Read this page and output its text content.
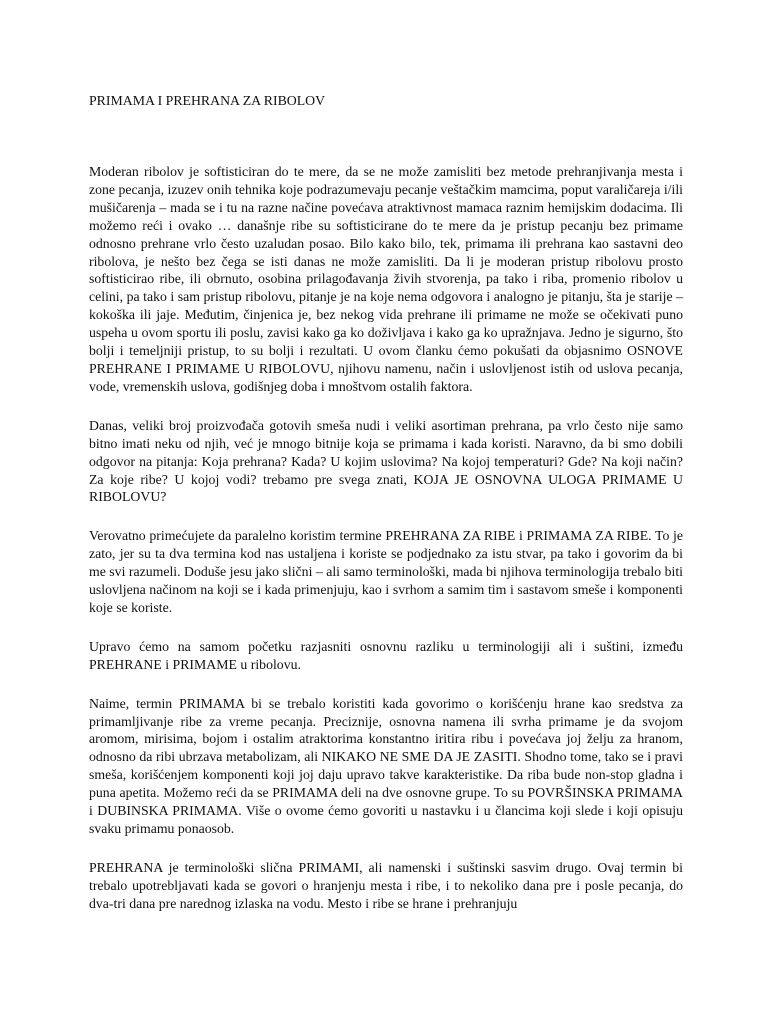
PRIMAMA I PREHRANA ZA RIBOLOV

Moderan ribolov je softisticiran do te mere, da se ne može zamisliti bez metode prehranjivanja mesta i zone pecanja, izuzev onih tehnika koje podrazumevaju pecanje veštačkim mamcima, poput varaličareja i/ili mušičarenja – mada se i tu na razne načine povećava atraktivnost mamaca raznim hemijskim dodacima. Ili možemo reći i ovako … današnje ribe su softisticirane do te mere da je pristup pecanju bez primame odnosno prehrane vrlo često uzaludan posao. Bilo kako bilo, tek, primama ili prehrana kao sastavni deo ribolova, je nešto bez čega se isti danas ne može zamisliti. Da li je moderan pristup ribolovu prosto softisticirao ribe, ili obrnuto, osobina prilagođavanja živih stvorenja, pa tako i riba, promenio ribolov u celini, pa tako i sam pristup ribolovu, pitanje je na koje nema odgovora i analogno je pitanju, šta je starije – kokoška ili jaje. Međutim, činjenica je, bez nekog vida prehrane ili primame ne može se očekivati puno uspeha u ovom sportu ili poslu, zavisi kako ga ko doživljava i kako ga ko upražnjava. Jedno je sigurno, što bolji i temeljniji pristup, to su bolji i rezultati. U ovom članku ćemo pokušati da objasnimo OSNOVE PREHRANE I PRIMAME U RIBOLOVU, njihovu namenu, način i uslovljenost istih od uslova pecanja, vode, vremenskih uslova, godišnjeg doba i mnoštvom ostalih faktora.

Danas, veliki broj proizvođača gotovih smeša nudi i veliki asortiman prehrana, pa vrlo često nije samo bitno imati neku od njih, već je mnogo bitnije koja se primama i kada koristi. Naravno, da bi smo dobili odgovor na pitanja: Koja prehrana? Kada? U kojim uslovima? Na kojoj temperaturi? Gde? Na koji način? Za koje ribe? U kojoj vodi? trebamo pre svega znati, KOJA JE OSNOVNA ULOGA PRIMAME U RIBOLOVU?

Verovatno primećujete da paralelno koristim termine PREHRANA ZA RIBE i PRIMAMA ZA RIBE. To je zato, jer su ta dva termina kod nas ustaljena i koriste se podjednako za istu stvar, pa tako i govorim da bi me svi razumeli. Doduše jesu jako slični – ali samo terminološki, mada bi njihova terminologija trebalo biti uslovljena načinom na koji se i kada primenjuju, kao i svrhom a samim tim i sastavom smeše i komponenti koje se koriste.

Upravo ćemo na samom početku razjasniti osnovnu razliku u terminologiji ali i suštini, između PREHRANE i PRIMAME u ribolovu.

Naime, termin PRIMAMA bi se trebalo koristiti kada govorimo o korišćenju hrane kao sredstva za primamljivanje ribe za vreme pecanja. Preciznije, osnovna namena ili svrha primame je da svojom aromom, mirisima, bojom i ostalim atraktorima konstantno iritira ribu i povećava joj želju za hranom, odnosno da ribi ubrzava metabolizam, ali NIKAKO NE SME DA JE ZASITI. Shodno tome, tako se i pravi smeša, korišćenjem komponenti koji joj daju upravo takve karakteristike. Da riba bude non-stop gladna i puna apetita. Možemo reći da se PRIMAMA deli na dve osnovne grupe. To su POVRŠINSKA PRIMAMA i DUBINSKA PRIMAMA. Više o ovome ćemo govoriti u nastavku i u člancima koji slede i koji opisuju svaku primamu ponaosob.

PREHRANA je terminološki slična PRIMAMI, ali namenski i suštinski sasvim drugo. Ovaj termin bi trebalo upotrebljavati kada se govori o hranjenju mesta i ribe, i to nekoliko dana pre i posle pecanja, do dva-tri dana pre narednog izlaska na vodu. Mesto i ribe se hrane i prehranjuju
